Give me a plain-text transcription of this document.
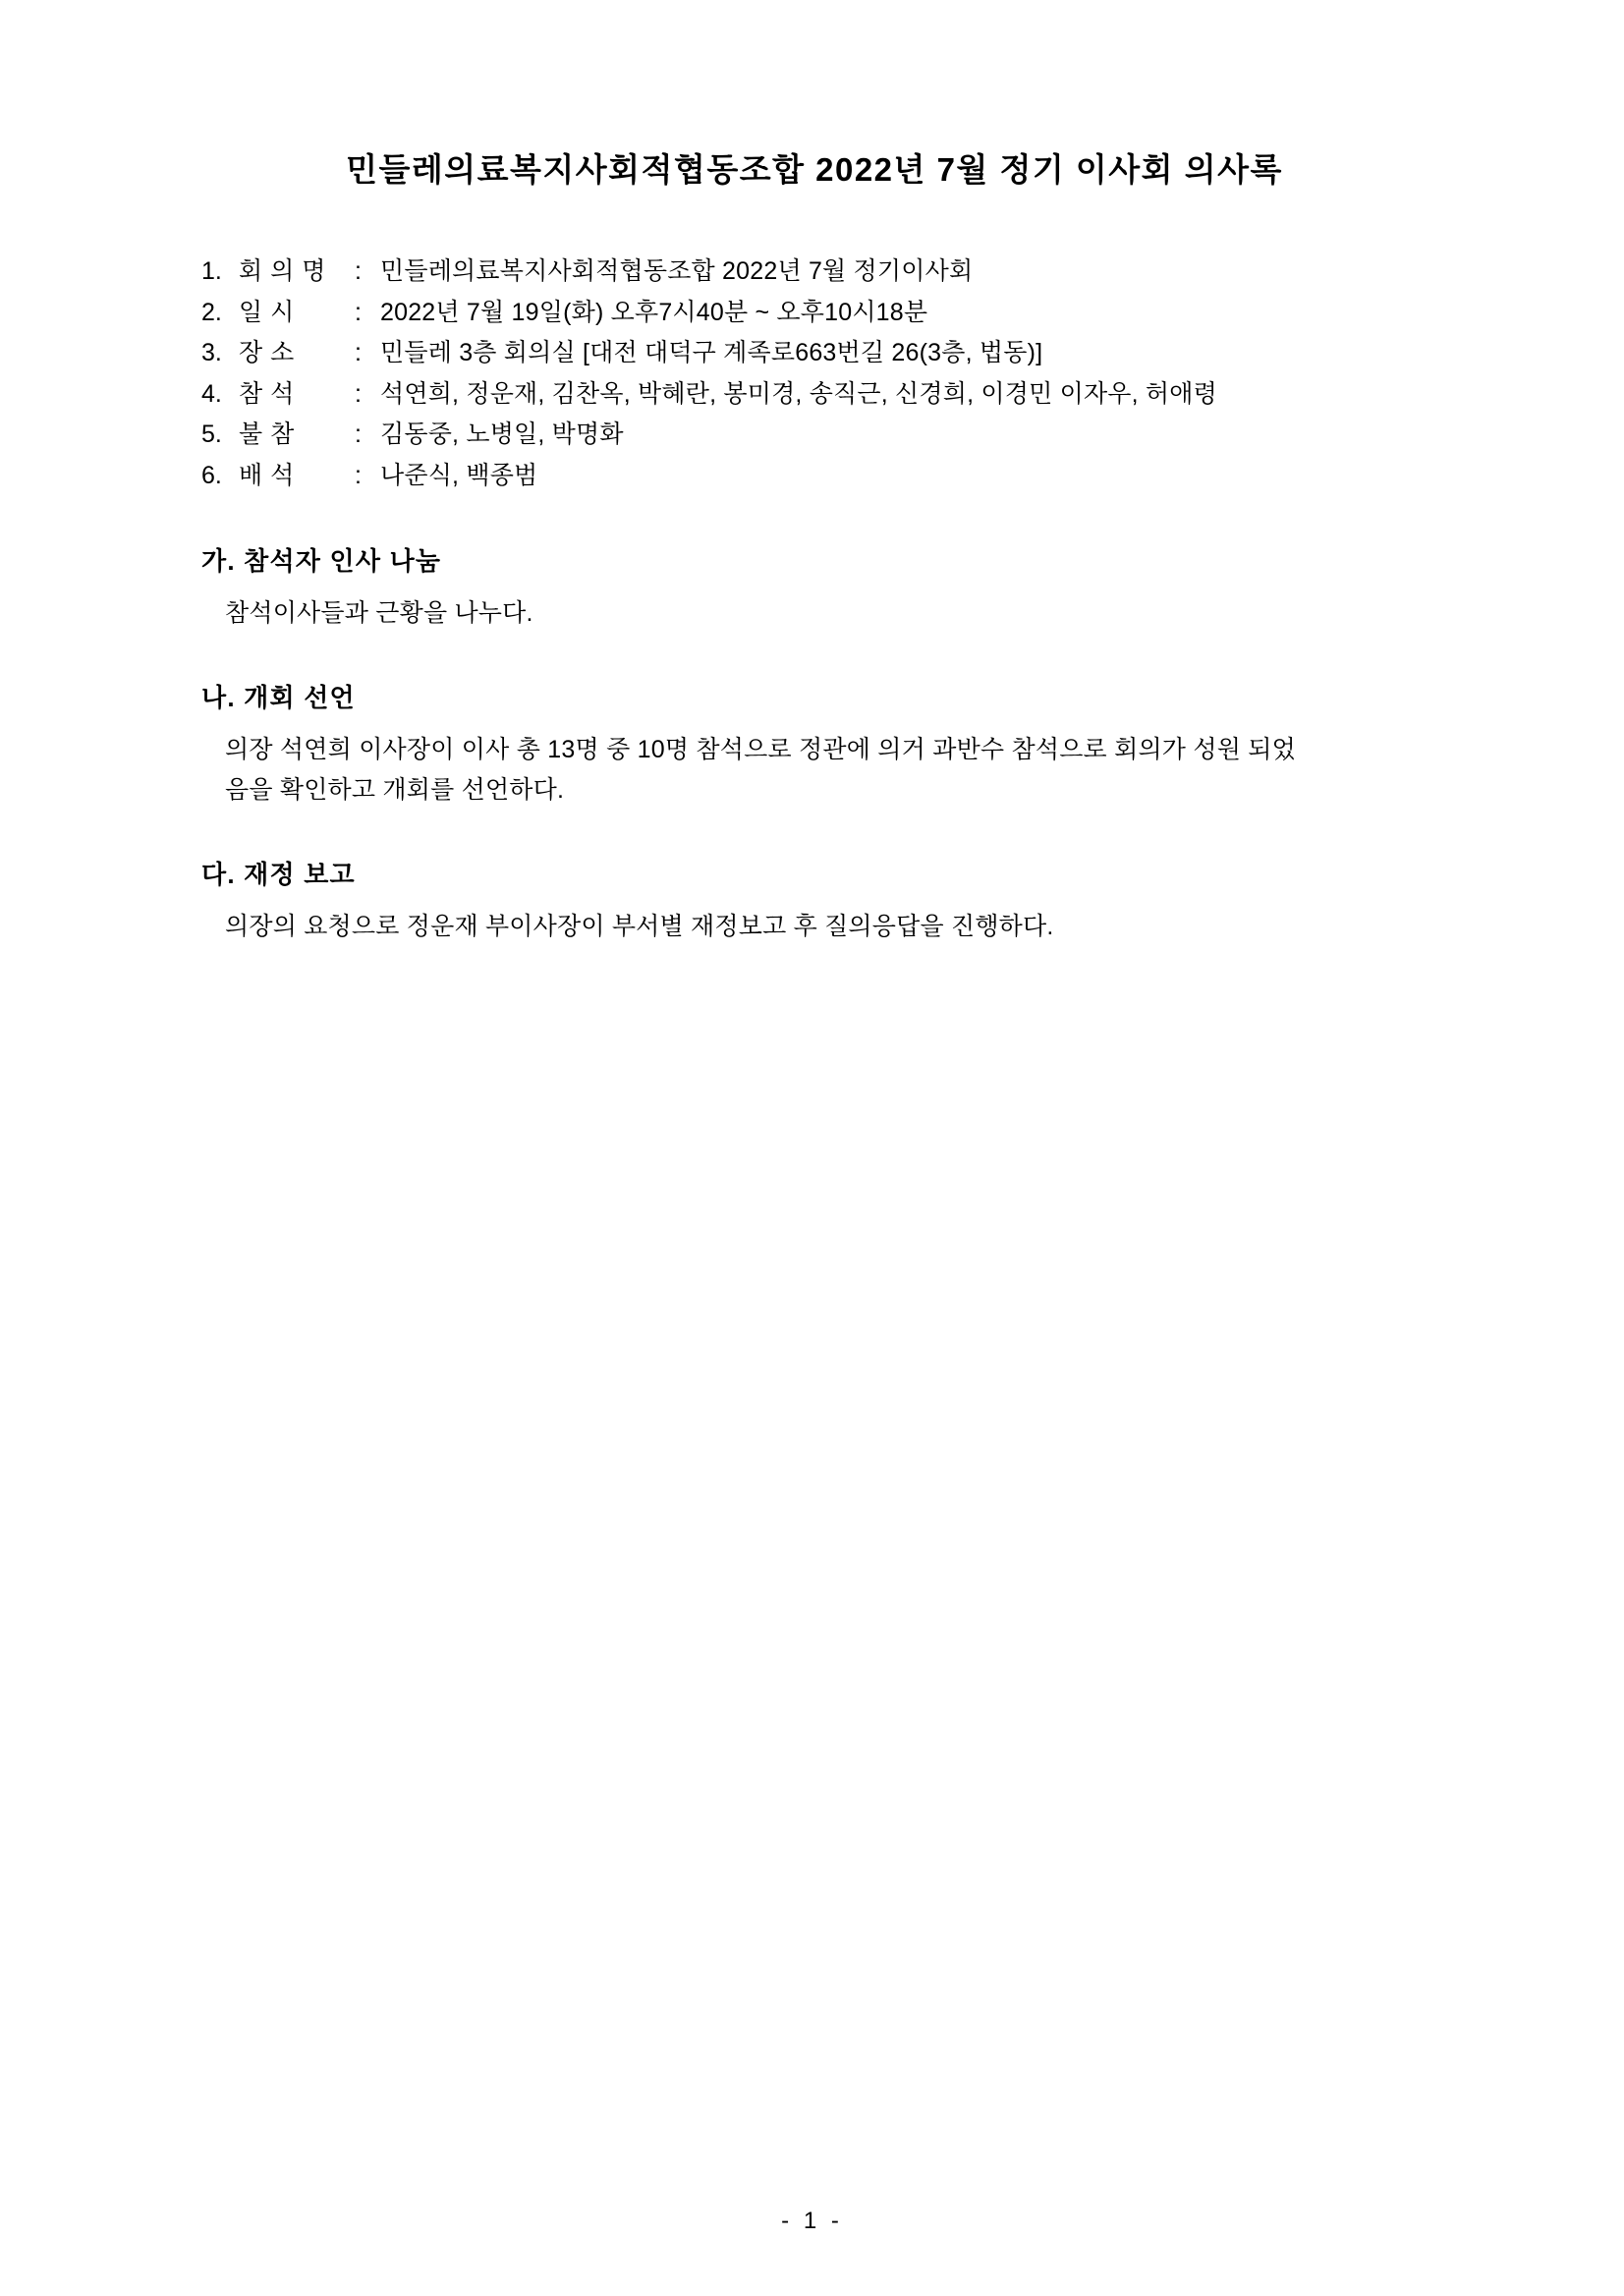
민들레의료복지사회적협동조합 2022년 7월 정기 이사회 의사록
1. 회 의 명	: 민들레의료복지사회적협동조합 2022년 7월 정기이사회
2. 일 시	: 2022년 7월 19일(화) 오후7시40분 ~ 오후10시18분
3. 장 소	: 민들레 3층 회의실 [대전 대덕구 계족로663번길 26(3층, 법동)]
4. 참 석	: 석연희, 정운재, 김찬옥, 박혜란, 봉미경, 송직근, 신경희, 이경민 이자우, 허애령
5. 불 참	: 김동중, 노병일, 박명화
6. 배 석	: 나준식, 백종범
가. 참석자 인사 나눔

참석이사들과 근황을 나누다.

나. 개회 선언

의장 석연희 이사장이 이사 총 13명 중 10명 참석으로 정관에 의거 과반수 참석으로 회의가 성원 되었음을 확인하고 개회를 선언하다.

다. 재정 보고

의장의 요청으로 정운재 부이사장이 부서별 재정보고 후 질의응답을 진행하다.

- 1 -
